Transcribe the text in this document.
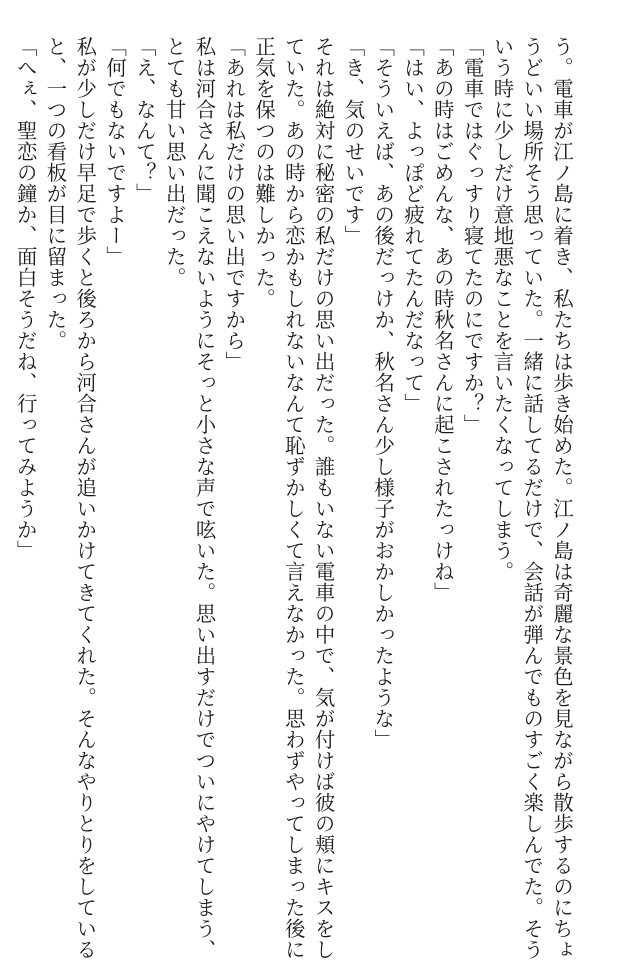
う。電車が江ノ島に着き、私たちは歩き始めた。江ノ島は奇麗な景色を見ながら散歩するのにちょ

うどいい場所そう思っていた。一緒に話してるだけで、会話が弾んでものすごく楽しんでた。そう

いう時に少しだけ意地悪なことを言いたくなってしまう。

「電車ではぐっすり寝てたのにですか？」

「あの時はごめんな、あの時秋名さんに起こされたっけね」

「はい、よっぽど疲れてたんだなって」

「そういえば、あの後だっけか、秋名さん少し様子がおかしかったような」

「き、気のせいです」

それは絶対に秘密の私だけの思い出だった。誰もいない電車の中で、気が付けば彼の頬にキスをし

ていた。あの時から恋かもしれないなんて恥ずかしくて言えなかった。思わずやってしまった後に

正気を保つのは難しかった。

「あれは私だけの思い出ですから」

私は河合さんに聞こえないようにそっと小さな声で呟いた。思い出すだけでついにやけてしまう、

とても甘い思い出だった。

「え、なんて？」

「何でもないですよー」

私が少しだけ早足で歩くと後ろから河合さんが追いかけてきてくれた。そんなやりとりをしている

と、一つの看板が目に留まった。

「へぇ、聖恋の鐘か、面白そうだね、行ってみようか」
